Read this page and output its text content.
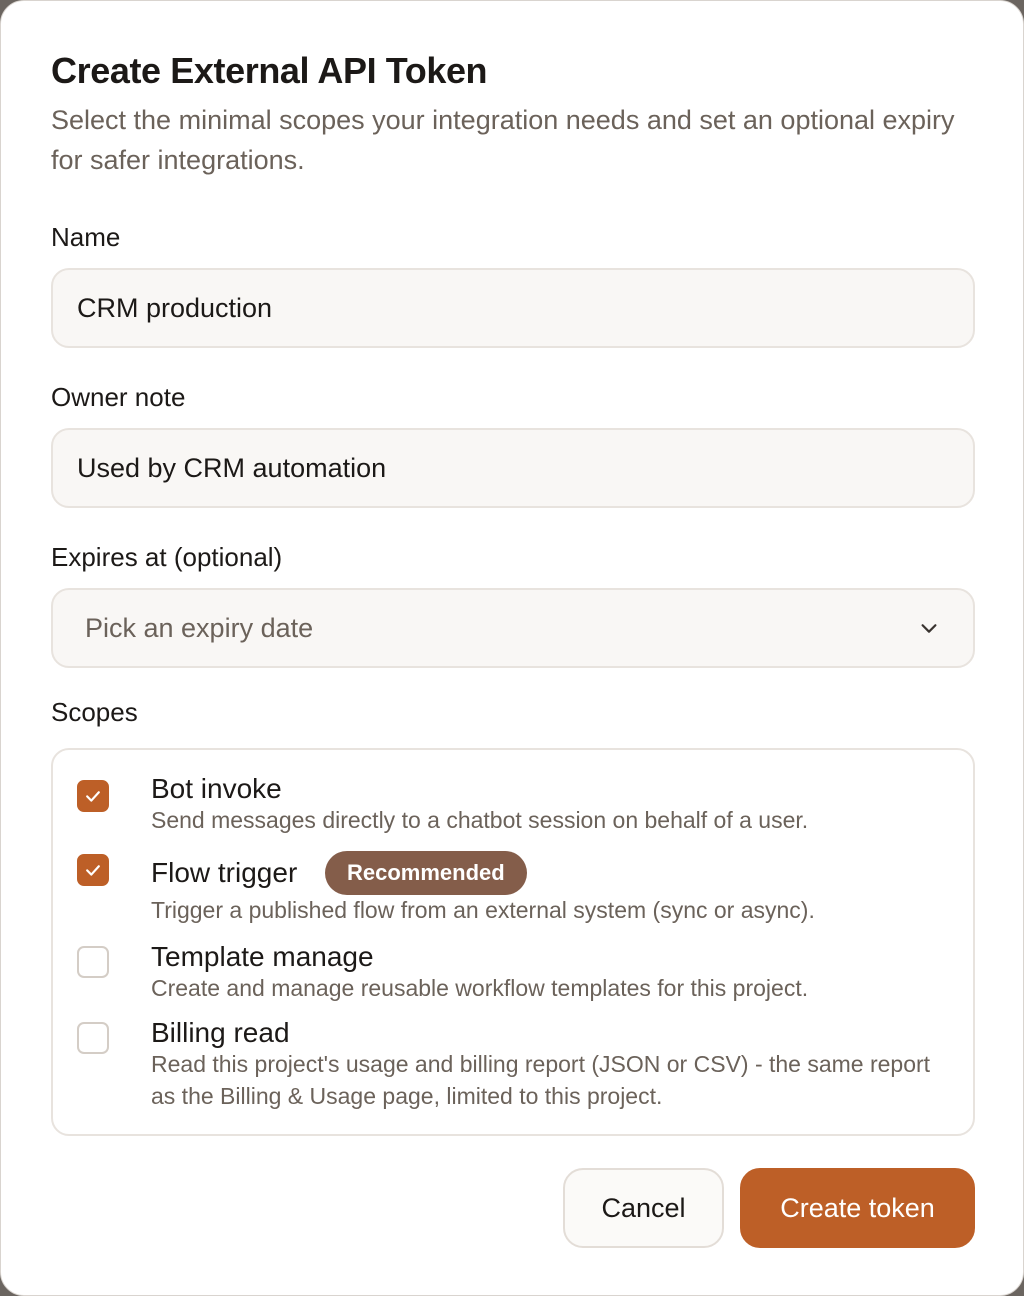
Create External API Token

Select the minimal scopes your integration needs and set an optional expiry for safer integrations.

Name
CRM production
Owner note
Used by CRM automation
Expires at (optional)
Pick an expiry date
Scopes
Bot invoke
Send messages directly to a chatbot session on behalf of a user.
Flow trigger	Recommended
Trigger a published flow from an external system (sync or async).
Template manage
Create and manage reusable workflow templates for this project.
Billing read
Read this project's usage and billing report (JSON or CSV) - the same report as the Billing & Usage page, limited to this project.
Cancel	Create token
